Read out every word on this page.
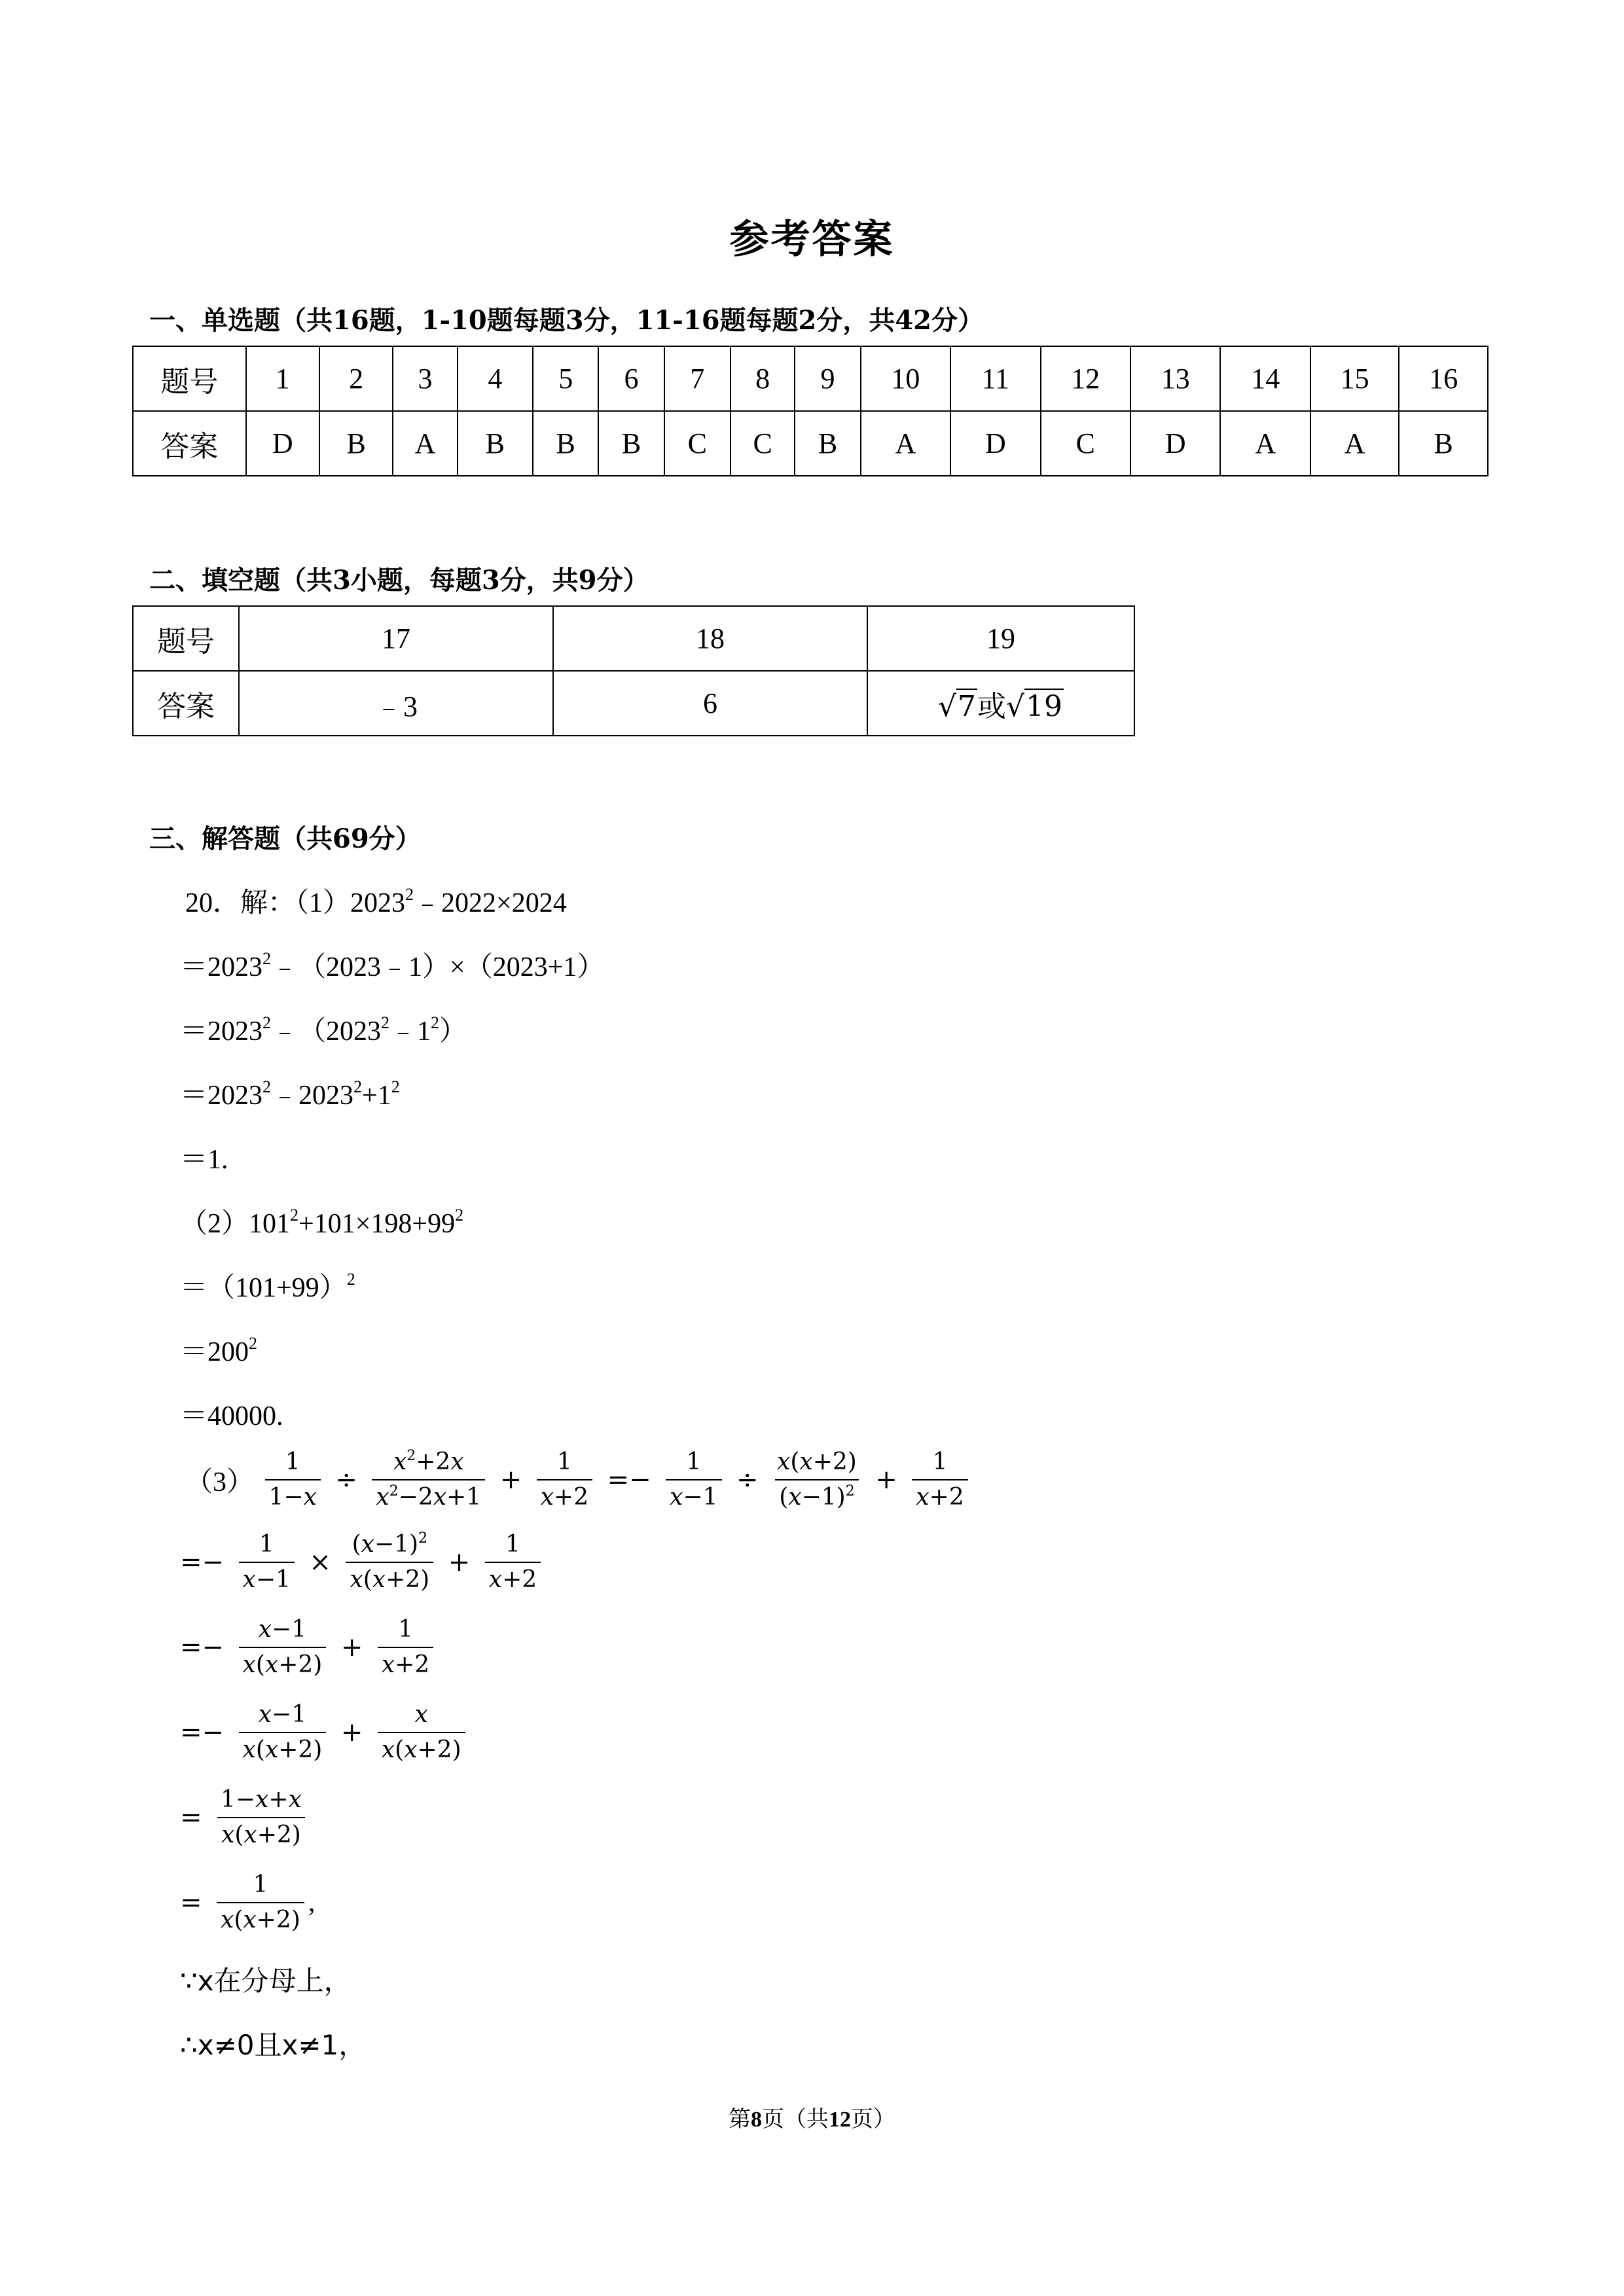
参考答案
一、单选题（共16题，1-10题每题3分，11-16题每题2分，共42分）
题号	1	2	3	4	5	6	7	8	9	10	11	12	13	14	15	16
答案	D	B	A	B	B	B	C	C	B	A	D	C	D	A	A	B
二、填空题（共3小题，每题3分，共9分）
题号	17	18	19
答案	﹣3	6	√7或√19
三、解答题（共69分）
20．解：$(1)2023^2﹣2022\times 2024$
$=2023^2﹣(2023﹣1)\times(2023+1)$
$=2023^2﹣(2023^2﹣1^2)$
$=2023^2﹣2023^2+1^2$
＝1.
$(2)101^2+101\times 198+99^2$
$=(101+99)^2$
$=200^2$
＝40000.
$(3) \frac{1}{1-x} \div \frac{x^2+2x}{x^2-2x+1} + \frac{1}{x+2} =- \frac{1}{x-1} \div \frac{x(x+2)}{(x-1)^2} + \frac{1}{x+2}$
=− $\frac{1}{x-1} \times \frac{(x-1)^2}{x(x+2)} + \frac{1}{x+2}$
=− $\frac{x-1}{x(x+2)} + \frac{1}{x+2}$
=− $\frac{x-1}{x(x+2)} + \frac{x}{x(x+2)}$
= $\frac{1-x+x}{x(x+2)}$
= $\frac{1}{x(x+2)}$ ,
∵x在分母上，
∴x≠0且x≠1，
第8页（共12页）
